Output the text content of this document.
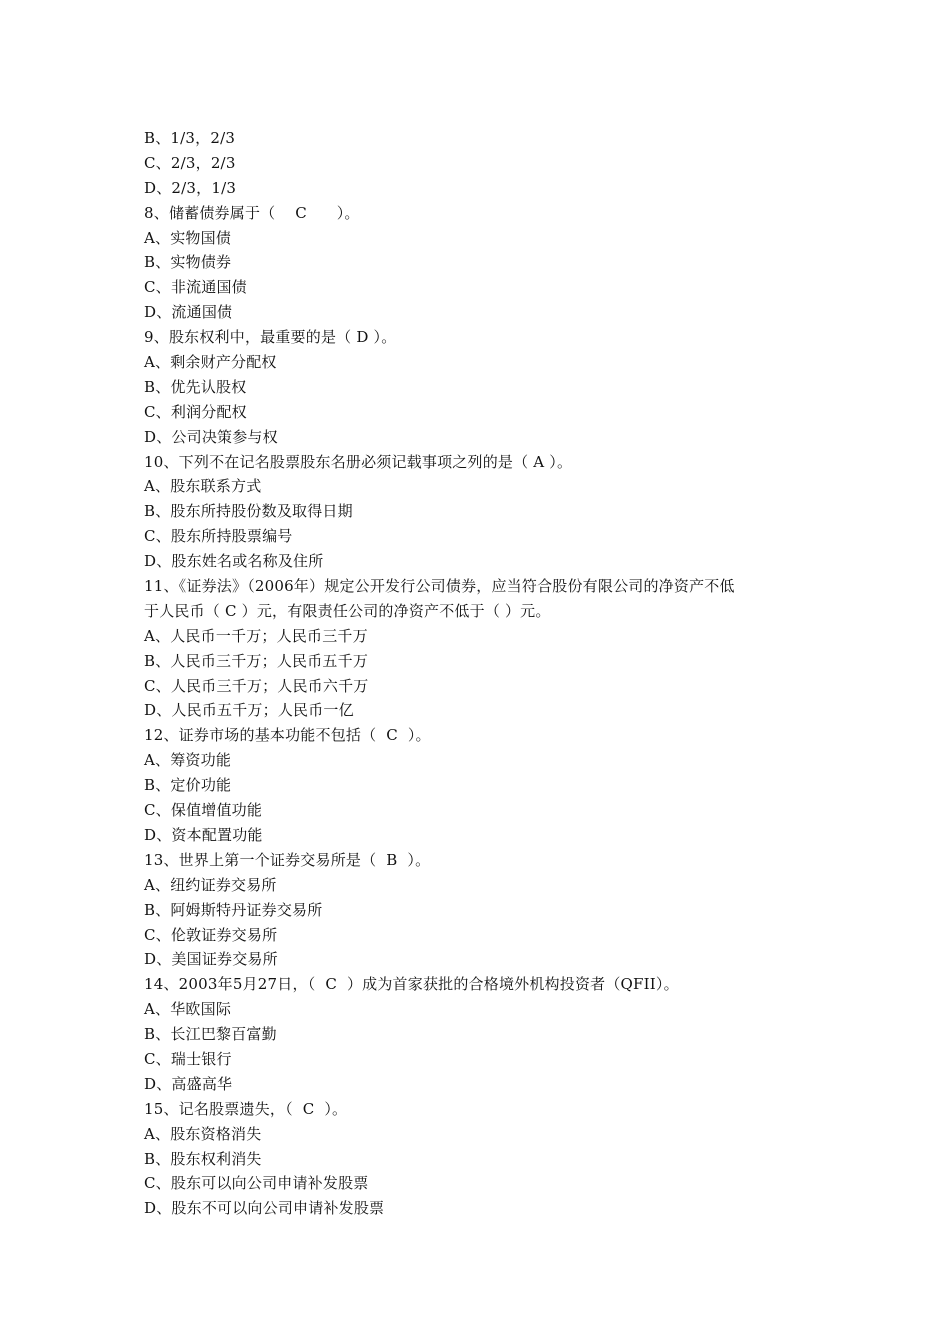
B、1/3，2/3
C、2/3，2/3
D、2/3，1/3
8、储蓄债券属于（    C      ）。
A、实物国债
B、实物债券
C、非流通国债
D、流通国债
9、股东权利中，最重要的是（ D ）。
A、剩余财产分配权
B、优先认股权
C、利润分配权
D、公司决策参与权
10、下列不在记名股票股东名册必须记载事项之列的是（ A ）。
A、股东联系方式
B、股东所持股份数及取得日期
C、股东所持股票编号
D、股东姓名或名称及住所
11、《证券法》（2006年）规定公开发行公司债券，应当符合股份有限公司的净资产不低
于人民币（ C ）元，有限责任公司的净资产不低于（ ）元。
A、人民币一千万；人民币三千万
B、人民币三千万；人民币五千万
C、人民币三千万；人民币六千万
D、人民币五千万；人民币一亿
12、证券市场的基本功能不包括（  C  ）。
A、筹资功能
B、定价功能
C、保值增值功能
D、资本配置功能
13、世界上第一个证券交易所是（  B  ）。
A、纽约证券交易所
B、阿姆斯特丹证券交易所
C、伦敦证券交易所
D、美国证券交易所
14、2003年5月27日，（  C  ）成为首家获批的合格境外机构投资者（QFII）。
A、华欧国际
B、长江巴黎百富勤
C、瑞士银行
D、高盛高华
15、记名股票遗失，（  C  ）。
A、股东资格消失
B、股东权利消失
C、股东可以向公司申请补发股票
D、股东不可以向公司申请补发股票
